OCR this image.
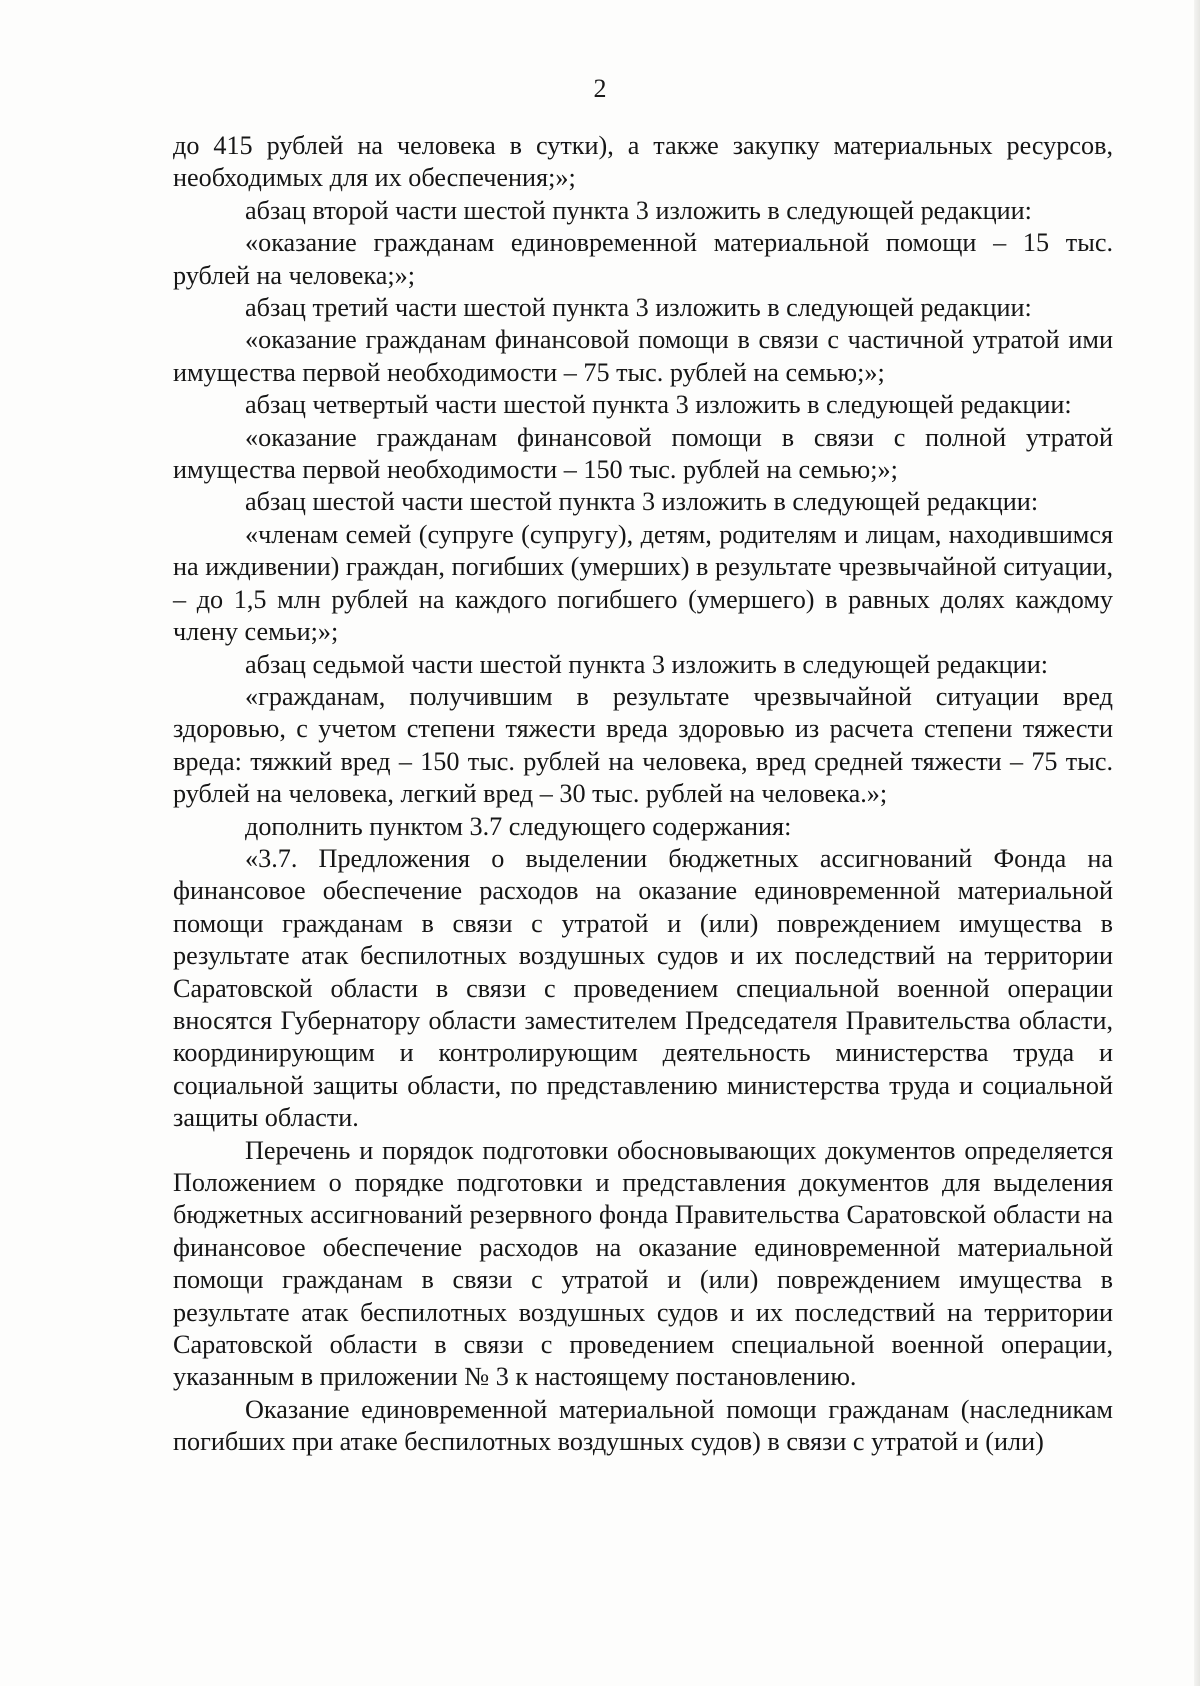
2

до 415 рублей на человека в сутки), а также закупку материальных ресурсов, необходимых для их обеспечения;»;

абзац второй части шестой пункта 3 изложить в следующей редакции:

«оказание гражданам единовременной материальной помощи – 15 тыс. рублей на человека;»;

абзац третий части шестой пункта 3 изложить в следующей редакции:

«оказание гражданам финансовой помощи в связи с частичной утратой ими имущества первой необходимости – 75 тыс. рублей на семью;»;

абзац четвертый части шестой пункта 3 изложить в следующей редакции:

«оказание гражданам финансовой помощи в связи с полной утратой имущества первой необходимости – 150 тыс. рублей на семью;»;

абзац шестой части шестой пункта 3 изложить в следующей редакции:

«членам семей (супруге (супругу), детям, родителям и лицам, находившимся на иждивении) граждан, погибших (умерших) в результате чрезвычайной ситуации, – до 1,5 млн рублей на каждого погибшего (умершего) в равных долях каждому члену семьи;»;

абзац седьмой части шестой пункта 3 изложить в следующей редакции:

«гражданам, получившим в результате чрезвычайной ситуации вред здоровью, с учетом степени тяжести вреда здоровью из расчета степени тяжести вреда: тяжкий вред – 150 тыс. рублей на человека, вред средней тяжести – 75 тыс. рублей на человека, легкий вред – 30 тыс. рублей на человека.»;

дополнить пунктом 3.7 следующего содержания:

«3.7. Предложения о выделении бюджетных ассигнований Фонда на финансовое обеспечение расходов на оказание единовременной материальной помощи гражданам в связи с утратой и (или) повреждением имущества в результате атак беспилотных воздушных судов и их последствий на территории Саратовской области в связи с проведением специальной военной операции вносятся Губернатору области заместителем Председателя Правительства области, координирующим и контролирующим деятельность министерства труда и социальной защиты области, по представлению министерства труда и социальной защиты области.

Перечень и порядок подготовки обосновывающих документов определяется Положением о порядке подготовки и представления документов для выделения бюджетных ассигнований резервного фонда Правительства Саратовской области на финансовое обеспечение расходов на оказание единовременной материальной помощи гражданам в связи с утратой и (или) повреждением имущества в результате атак беспилотных воздушных судов и их последствий на территории Саратовской области в связи с проведением специальной военной операции, указанным в приложении № 3 к настоящему постановлению.

Оказание единовременной материальной помощи гражданам (наследникам погибших при атаке беспилотных воздушных судов) в связи с утратой и (или)
